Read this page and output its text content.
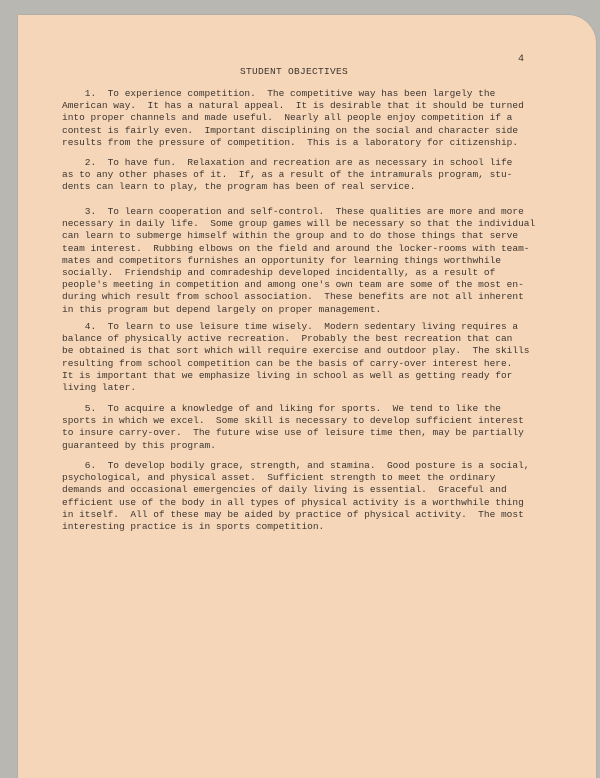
4
STUDENT OBJECTIVES
1.  To experience competition.  The competitive way has been largely the
American way.  It has a natural appeal.  It is desirable that it should be turned
into proper channels and made useful.  Nearly all people enjoy competition if a
contest is fairly even.  Important disciplining on the social and character side
results from the pressure of competition.  This is a laboratory for citizenship.
2.  To have fun.  Relaxation and recreation are as necessary in school life
as to any other phases of it.  If, as a result of the intramurals program, stu-
dents can learn to play, the program has been of real service.
3.  To learn cooperation and self-control.  These qualities are more and more
necessary in daily life.  Some group games will be necessary so that the individual
can learn to submerge himself within the group and to do those things that serve
team interest.  Rubbing elbows on the field and around the locker-rooms with team-
mates and competitors furnishes an opportunity for learning things worthwhile
socially.  Friendship and comradeship developed incidentally, as a result of
people's meeting in competition and among one's own team are some of the most en-
during which result from school association.  These benefits are not all inherent
in this program but depend largely on proper management.
4.  To learn to use leisure time wisely.  Modern sedentary living requires a
balance of physically active recreation.  Probably the best recreation that can
be obtained is that sort which will require exercise and outdoor play.  The skills
resulting from school competition can be the basis of carry-over interest here.
It is important that we emphasize living in school as well as getting ready for
living later.
5.  To acquire a knowledge of and liking for sports.  We tend to like the
sports in which we excel.  Some skill is necessary to develop sufficient interest
to insure carry-over.  The future wise use of leisure time then, may be partially
guaranteed by this program.
6.  To develop bodily grace, strength, and stamina.  Good posture is a social,
psychological, and physical asset.  Sufficient strength to meet the ordinary
demands and occasional emergencies of daily living is essential.  Graceful and
efficient use of the body in all types of physical activity is a worthwhile thing
in itself.  All of these may be aided by practice of physical activity.  The most
interesting practice is in sports competition.
